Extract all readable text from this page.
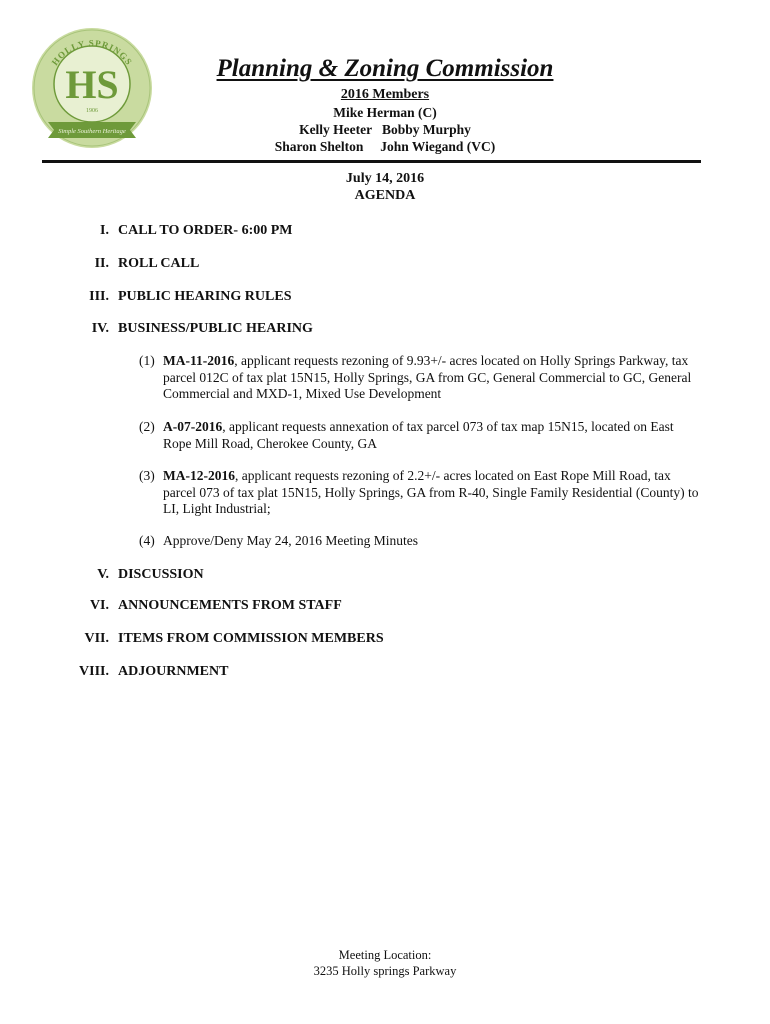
HOLLY SPRINGS
HS
1906
Simple Southern Heritage
Planning & Zoning Commission
2016 Members
Mike Herman (C)
Kelly Heeter   Bobby Murphy
Sharon Shelton     John Wiegand (VC)
July 14, 2016
AGENDA
I. CALL TO ORDER- 6:00 PM
II. ROLL CALL
III. PUBLIC HEARING RULES
IV. BUSINESS/PUBLIC HEARING
(1) MA-11-2016, applicant requests rezoning of 9.93+/- acres located on Holly Springs Parkway, tax parcel 012C of tax plat 15N15, Holly Springs, GA from GC, General Commercial to GC, General Commercial and MXD-1, Mixed Use Development
(2) A-07-2016, applicant requests annexation of tax parcel 073 of tax map 15N15, located on East Rope Mill Road, Cherokee County, GA
(3) MA-12-2016, applicant requests rezoning of 2.2+/- acres located on East Rope Mill Road, tax parcel 073 of tax plat 15N15, Holly Springs, GA from R-40, Single Family Residential (County) to LI, Light Industrial;
(4) Approve/Deny May 24, 2016 Meeting Minutes
V. DISCUSSION
VI. ANNOUNCEMENTS FROM STAFF
VII. ITEMS FROM COMMISSION MEMBERS
VIII. ADJOURNMENT
Meeting Location:
3235 Holly springs Parkway
